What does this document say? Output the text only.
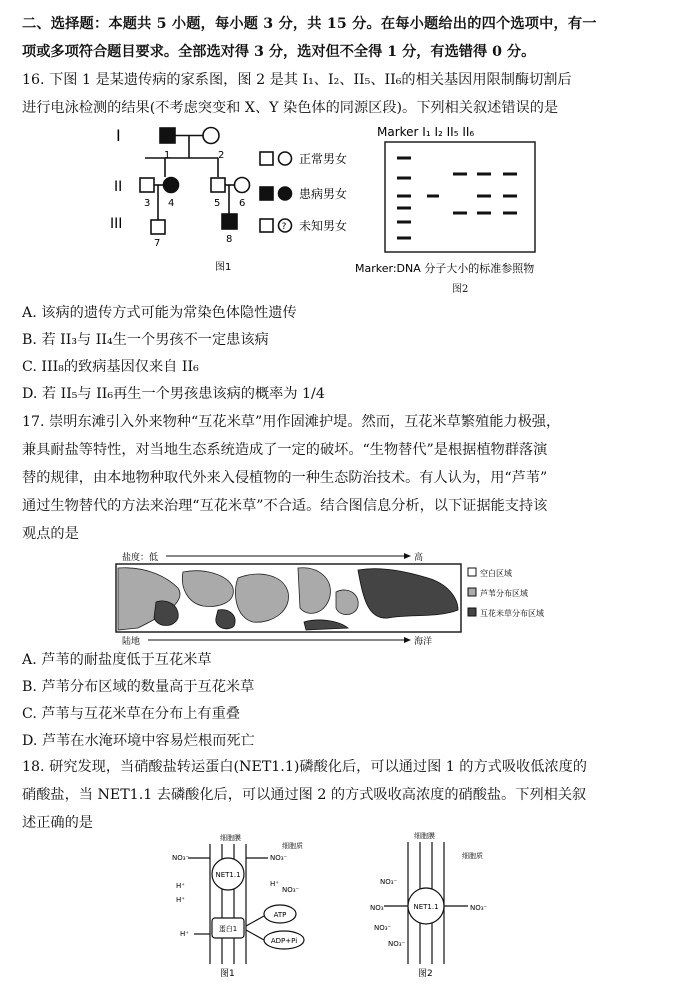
二、选择题：本题共 5 小题，每小题 3 分，共 15 分。在每小题给出的四个选项中，有一
项或多项符合题目要求。全部选对得 3 分，选对但不全得 1 分，有选错得 0 分。
16. 下图 1 是某遗传病的家系图，图 2 是其 I₁、I₂、II₅、II₆的相关基因用限制酶切割后
进行电泳检测的结果(不考虑突变和 X、Y 染色体的同源区段)。下列相关叙述错误的是
?
I
II
III
1	2
3 4	5 6
7	8
正常男女
患病男女
未知男女
图1
Marker I₁ I₂ II₅ II₆
Marker:DNA 分子大小的标准参照物
图2
A. 该病的遗传方式可能为常染色体隐性遗传
B. 若 II₃与 II₄生一个男孩不一定患该病
C. III₈的致病基因仅来自 II₆
D. 若 II₅与 II₆再生一个男孩患该病的概率为 1/4
17. 崇明东滩引入外来物种“互花米草”用作固滩护堤。然而，互花米草繁殖能力极强，
兼具耐盐等特性，对当地生态系统造成了一定的破坏。“生物替代”是根据植物群落演
替的规律，由本地物种取代外来入侵植物的一种生态防治技术。有人认为，用“芦苇”
通过生物替代的方法来治理“互花米草”不合适。结合图信息分析，以下证据能支持该
观点的是
盐度：低	高
陆地	海洋
空白区域
芦苇分布区域
互花米草分布区域
A. 芦苇的耐盐度低于互花米草
B. 芦苇分布区域的数量高于互花米草
C. 芦苇与互花米草在分布上有重叠
D. 芦苇在水淹环境中容易烂根而死亡
18. 研究发现，当硝酸盐转运蛋白(NET1.1)磷酸化后，可以通过图 1 的方式吸收低浓度的
硝酸盐，当 NET1.1 去磷酸化后，可以通过图 2 的方式吸收高浓度的硝酸盐。下列相关叙
述正确的是
NET1.1
蛋白1
ATP
ADP+Pi
细胞膜
细胞质
NO₃⁻	NO₃⁻
H⁺
H⁺
H⁺
NO₃⁻
H⁺
图1
NET1.1
细胞膜
细胞质
NO₃⁻
NO₃⁻
NO₃⁻
NO₃⁻
NO₃⁻
图2
